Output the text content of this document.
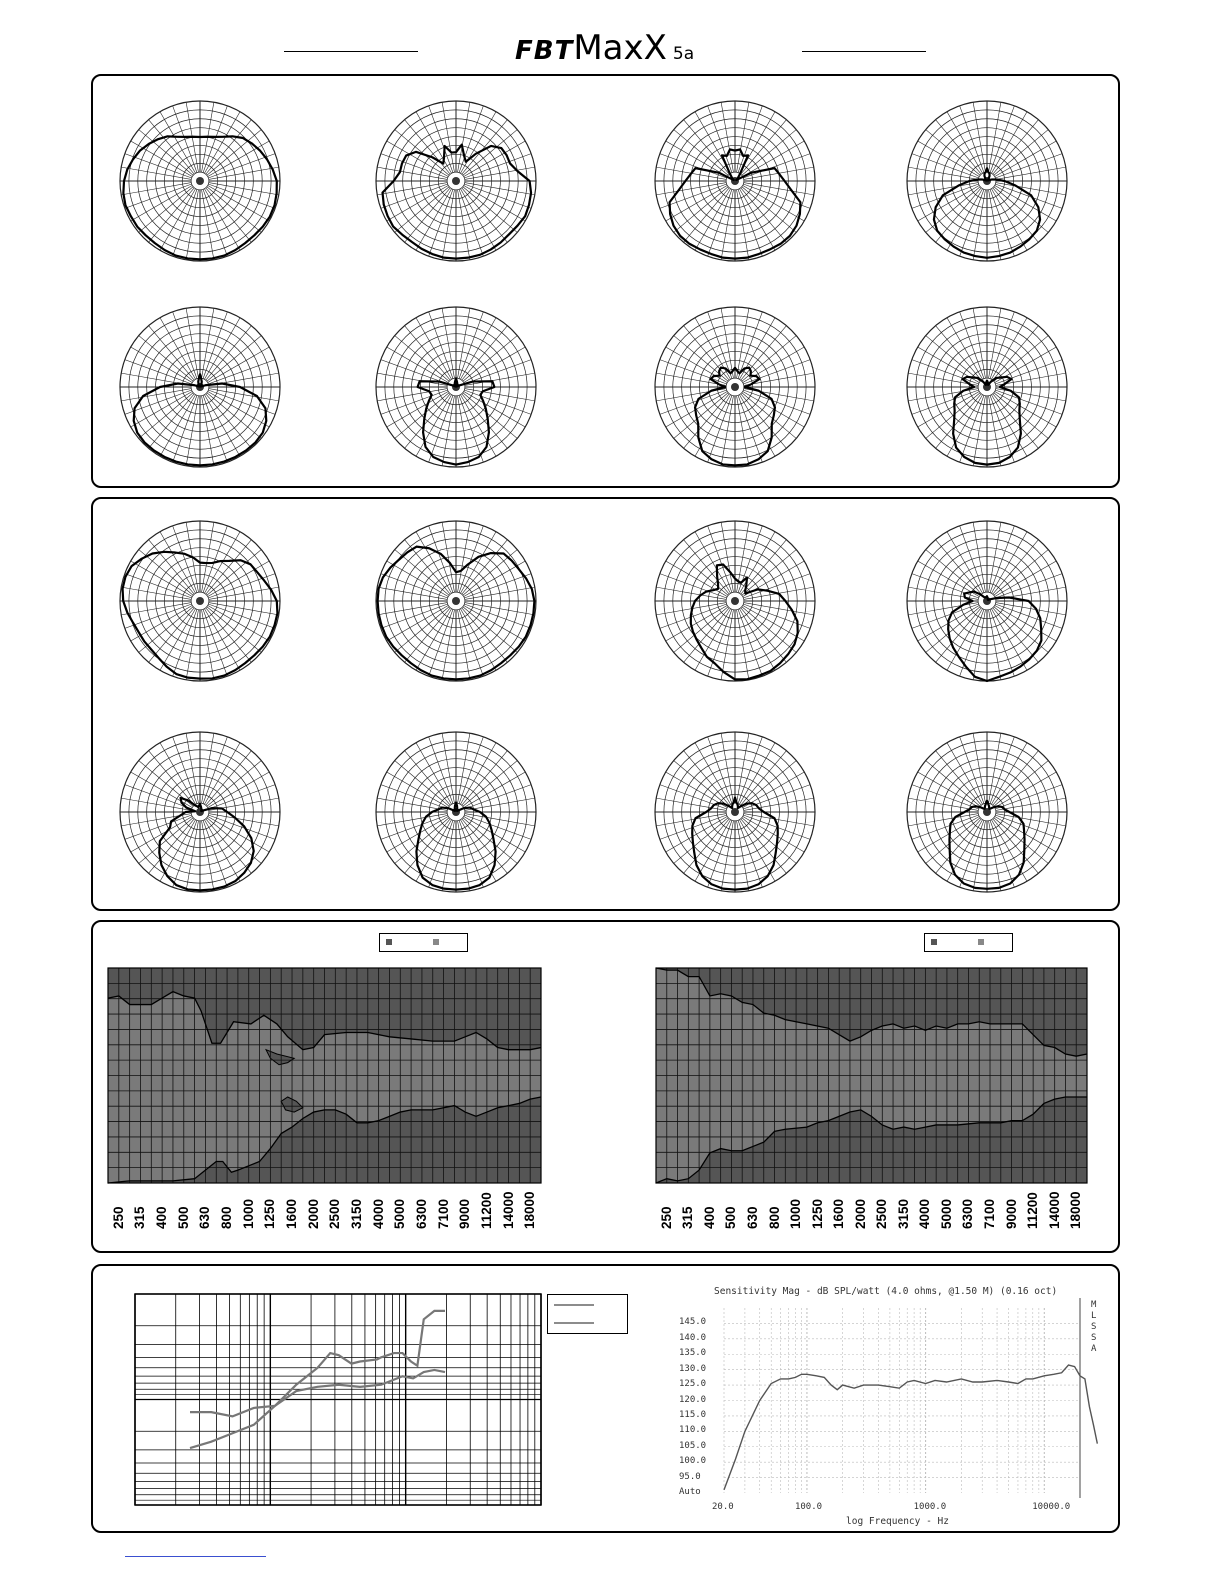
FBTMaxX 5a
250 315 400 500 630 800 1000 1250 1600 2000 2500 3150 4000 5000 6300 7100 9000 11200 14000 18000	250 315 400 500 630 800 1000 1250 1600 2000 2500 3150 4000 5000 6300 7100 9000 11200 14000 18000
Sensitivity Mag - dB SPL/watt (4.0 ohms, @1.50 M) (0.16 oct)
145.0
140.0
135.0
130.0
125.0
120.0
115.0
110.0
105.0
100.0
95.0
Auto
20.0	100.0	1000.0	10000.0
M
L
S
S
A
log Frequency - Hz
